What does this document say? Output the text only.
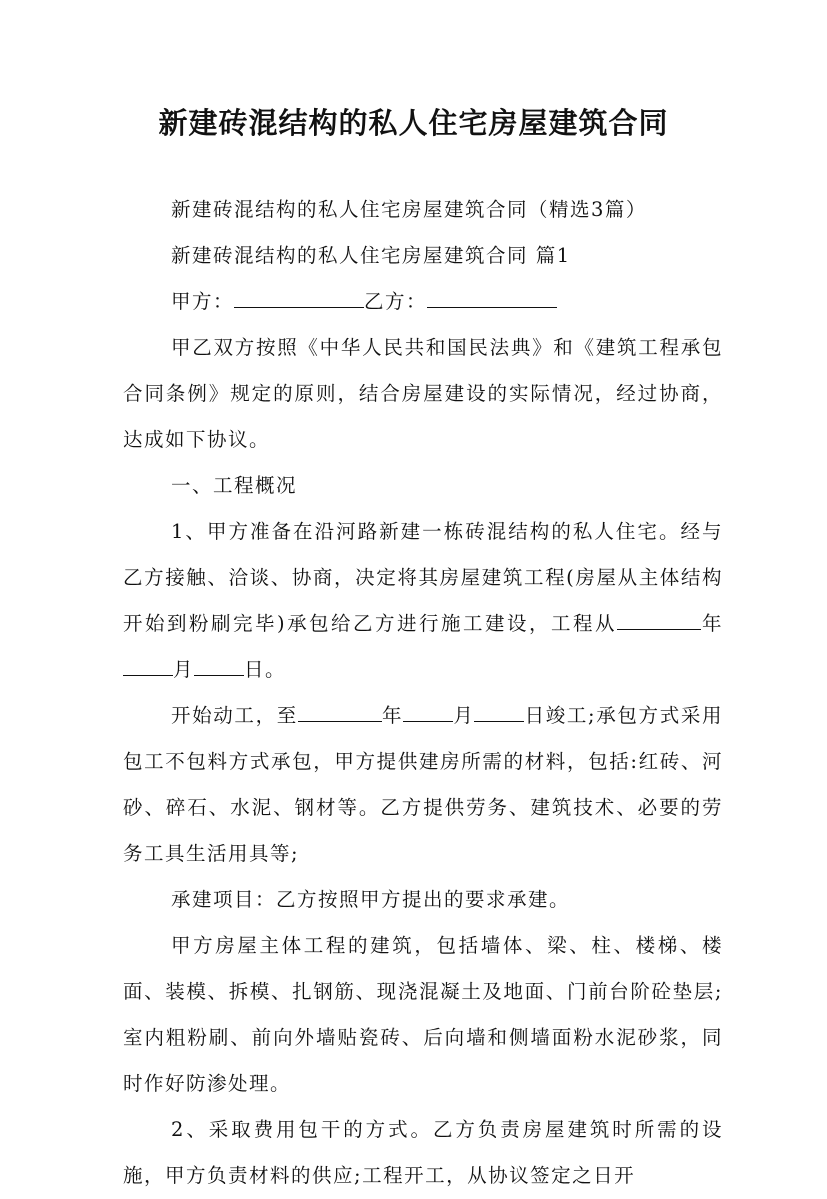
新建砖混结构的私人住宅房屋建筑合同

新建砖混结构的私人住宅房屋建筑合同（精选3篇）

新建砖混结构的私人住宅房屋建筑合同 篇1

甲方：	乙方：

甲乙双方按照《中华人民共和国民法典》和《建筑工程承包合同条例》规定的原则，结合房屋建设的实际情况，经过协商，达成如下协议。

一、工程概况

1、甲方准备在沿河路新建一栋砖混结构的私人住宅。经与乙方接触、洽谈、协商，决定将其房屋建筑工程(房屋从主体结构开始到粉刷完毕)承包给乙方进行施工建设，工程从	年月	日。

开始动工，至	年	月	日竣工;承包方式采用包工不包料方式承包，甲方提供建房所需的材料，包括:红砖、河砂、碎石、水泥、钢材等。乙方提供劳务、建筑技术、必要的劳务工具生活用具等;

承建项目：乙方按照甲方提出的要求承建。

甲方房屋主体工程的建筑，包括墙体、梁、柱、楼梯、楼面、装模、拆模、扎钢筋、现浇混凝土及地面、门前台阶砼垫层;室内粗粉刷、前向外墙贴瓷砖、后向墙和侧墙面粉水泥砂浆，同时作好防渗处理。

2、采取费用包干的方式。乙方负责房屋建筑时所需的设施，甲方负责材料的供应;工程开工，从协议签定之日开
